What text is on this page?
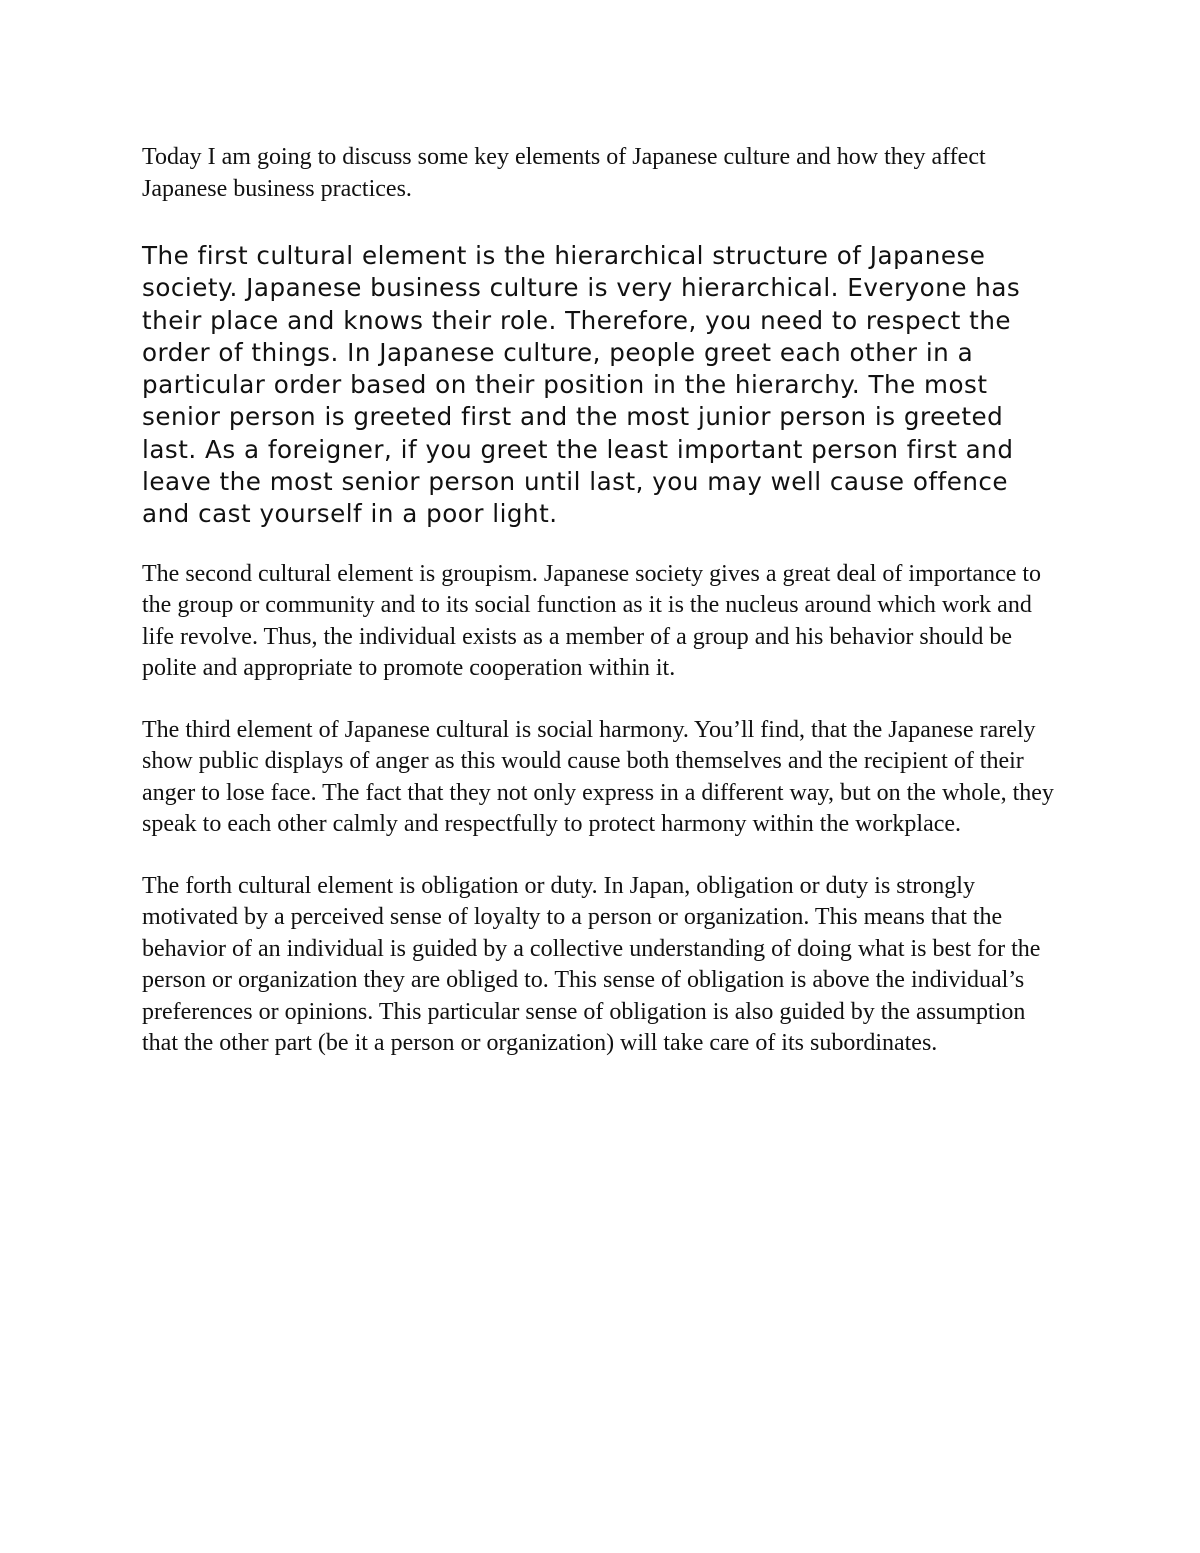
Today I am going to discuss some key elements of Japanese culture and how they affect Japanese business practices.

The first cultural element is the hierarchical structure of Japanese society. Japanese business culture is very hierarchical. Everyone has their place and knows their role. Therefore, you need to respect the order of things. In Japanese culture, people greet each other in a particular order based on their position in the hierarchy. The most senior person is greeted first and the most junior person is greeted last. As a foreigner, if you greet the least important person first and leave the most senior person until last, you may well cause offence and cast yourself in a poor light.

The second cultural element is groupism. Japanese society gives a great deal of importance to the group or community and to its social function as it is the nucleus around which work and life revolve. Thus, the individual exists as a member of a group and his behavior should be polite and appropriate to promote cooperation within it.

The third element of Japanese cultural is social harmony. You’ll find, that the Japanese rarely show public displays of anger as this would cause both themselves and the recipient of their anger to lose face. The fact that they not only express in a different way, but on the whole, they speak to each other calmly and respectfully to protect harmony within the workplace.

The forth cultural element is obligation or duty. In Japan, obligation or duty is strongly motivated by a perceived sense of loyalty to a person or organization. This means that the behavior of an individual is guided by a collective understanding of doing what is best for the person or organization they are obliged to. This sense of obligation is above the individual’s preferences or opinions. This particular sense of obligation is also guided by the assumption that the other part (be it a person or organization) will take care of its subordinates.
